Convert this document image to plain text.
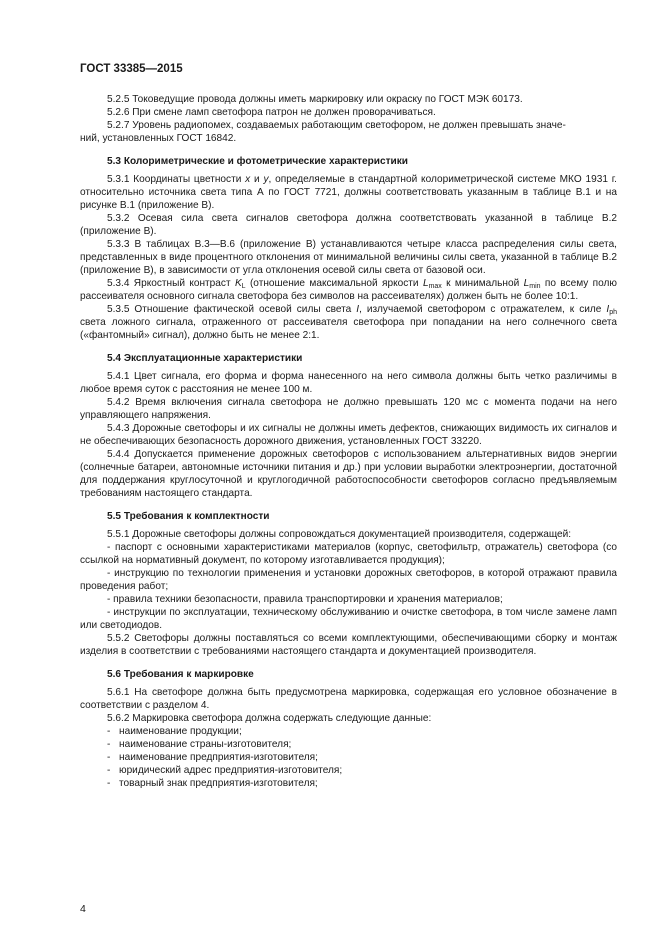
ГОСТ 33385—2015

5.2.5 Токоведущие провода должны иметь маркировку или окраску по ГОСТ МЭК 60173.

5.2.6 При смене ламп светофора патрон не должен проворачиваться.

5.2.7 Уровень радиопомех, создаваемых работающим светофором, не должен превышать значе-
ний, установленных ГОСТ 16842.

5.3 Колориметрические и фотометрические характеристики

5.3.1 Координаты цветности x и y, определяемые в стандартной колориметрической системе МКО 1931 г. относительно источника света типа А по ГОСТ 7721, должны соответствовать указанным в таблице В.1 и на рисунке В.1 (приложение В).

5.3.2 Осевая сила света сигналов светофора должна соответствовать указанной в таблице В.2 (приложение В).

5.3.3 В таблицах В.3—В.6 (приложение В) устанавливаются четыре класса распределения силы света, представленных в виде процентного отклонения от минимальной величины силы света, указанной в таблице В.2 (приложение В), в зависимости от угла отклонения осевой силы света от базовой оси.

5.3.4 Яркостный контраст $K_L$ (отношение максимальной яркости $L_{max}$ к минимальной $L_{min}$ по всему полю рассеивателя основного сигнала светофора без символов на рассеивателях) должен быть не более 10:1.

5.3.5 Отношение фактической осевой силы света I, излучаемой светофором с отражателем, к силе $I_{ph}$ света ложного сигнала, отраженного от рассеивателя светофора при попадании на него солнечного света («фантомный» сигнал), должно быть не менее 2:1.

5.4 Эксплуатационные характеристики

5.4.1 Цвет сигнала, его форма и форма нанесенного на него символа должны быть четко различимы в любое время суток с расстояния не менее 100 м.

5.4.2 Время включения сигнала светофора не должно превышать 120 мс с момента подачи на него управляющего напряжения.

5.4.3 Дорожные светофоры и их сигналы не должны иметь дефектов, снижающих видимость их сигналов и не обеспечивающих безопасность дорожного движения, установленных ГОСТ 33220.

5.4.4 Допускается применение дорожных светофоров с использованием альтернативных видов энергии (солнечные батареи, автономные источники питания и др.) при условии выработки электроэнергии, достаточной для поддержания круглосуточной и круглогодичной работоспособности светофоров согласно предъявляемым требованиям настоящего стандарта.

5.5 Требования к комплектности

5.5.1 Дорожные светофоры должны сопровождаться документацией производителя, содержащей:

- паспорт с основными характеристиками материалов (корпус, светофильтр, отражатель) светофора (со ссылкой на нормативный документ, по которому изготавливается продукция);

- инструкцию по технологии применения и установки дорожных светофоров, в которой отражают правила проведения работ;

- правила техники безопасности, правила транспортировки и хранения материалов;

- инструкции по эксплуатации, техническому обслуживанию и очистке светофора, в том числе замене ламп или светодиодов.

5.5.2 Светофоры должны поставляться со всеми комплектующими, обеспечивающими сборку и монтаж изделия в соответствии с требованиями настоящего стандарта и документацией производителя.

5.6 Требования к маркировке

5.6.1 На светофоре должна быть предусмотрена маркировка, содержащая его условное обозначение в соответствии с разделом 4.

5.6.2 Маркировка светофора должна содержать следующие данные:

- наименование продукции;
- наименование страны-изготовителя;
- наименование предприятия-изготовителя;
- юридический адрес предприятия-изготовителя;
- товарный знак предприятия-изготовителя;
4
